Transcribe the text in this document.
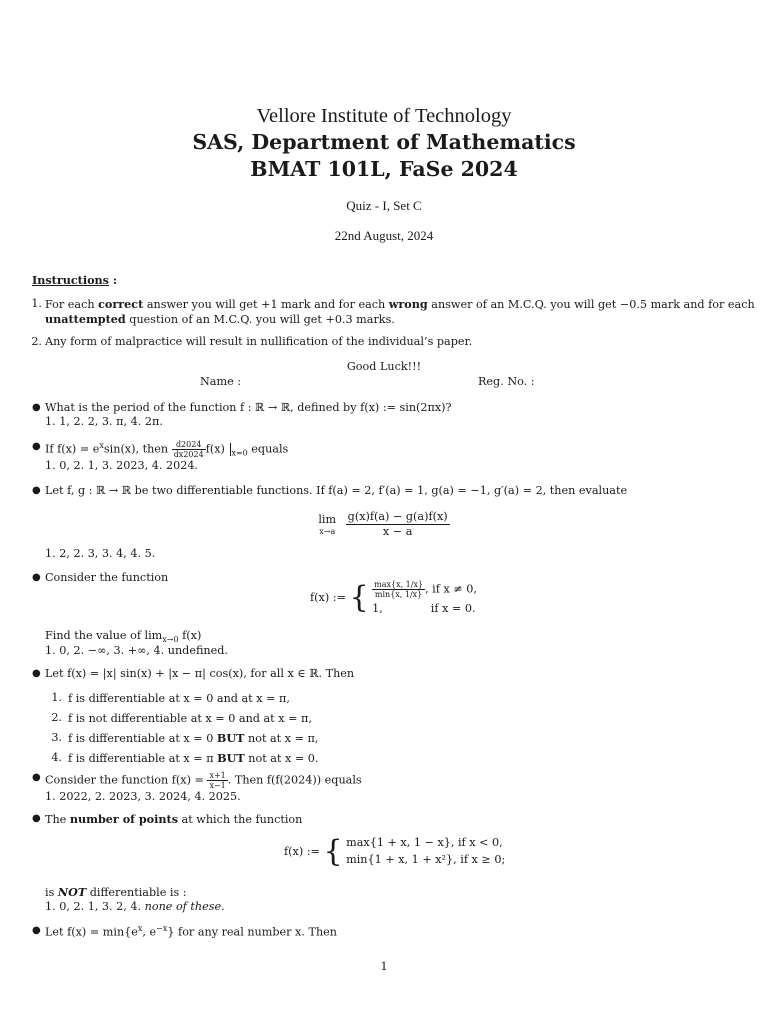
Vellore Institute of Technology
SAS, Department of Mathematics
BMAT 101L, FaSe 2024
Quiz - I, Set C
22nd August, 2024
Instructions :
1. For each correct answer you will get +1 mark and for each wrong answer of an M.C.Q. you will get −0.5 mark and for each
unattempted question of an M.C.Q. you will get +0.3 marks.
2. Any form of malpractice will result in nullification of the individual’s paper.
Good Luck!!!
Name :	Reg. No. :
● What is the period of the function f : ℝ → ℝ, defined by f(x) := sin(2πx)?
1. 1, 2. 2, 3. π, 4. 2π.
● If $f(x) = e^x\sin(x)$, then $\frac{d2024}{dx2024} f(x)$ $_{x=0}$ equals
1. 0, 2. 1, 3. 2023, 4. 2024.
● Let f, g : ℝ → ℝ be two differentiable functions. If f(a) = 2, f′(a) = 1, g(a) = −1, g′(a) = 2, then evaluate
lim
x→a
$\frac{g(x)f(a) - g(a)f(x)}{x - a}$
1. 2, 2. 3, 3. 4, 4. 5.
● Consider the function
f(x) := { $\frac{\max\{x, 1/x\}}{\min\{x, 1/x\}}$ , if x ≠ 0,
1,	if x = 0.
Find the value of $\lim_{x\to 0} f(x)$
1. 0, 2. −∞, 3. +∞, 4. undefined.
● Let f(x) = |x| sin(x) + |x − π| cos(x), for all x ∈ ℝ. Then
1. f is differentiable at x = 0 and at x = π,
2. f is not differentiable at x = 0 and at x = π,
3. f is differentiable at x = 0 BUT not at x = π,
4. f is differentiable at x = π BUT not at x = 0.
● Consider the function $f(x) = \frac{x+1}{x-1}$ . Then f(f(2024)) equals
1. 2022, 2. 2023, 3. 2024, 4. 2025.
● The number of points at which the function
f(x) := { max{1 + x, 1 − x}, if x < 0,
min{1 + x, 1 + x²}, if x ≥ 0;
is NOT differentiable is :
1. 0, 2. 1, 3. 2, 4. none of these.
● Let $f(x) = \min\{e^x$, $e^{-x}$} for any real number x. Then
1
